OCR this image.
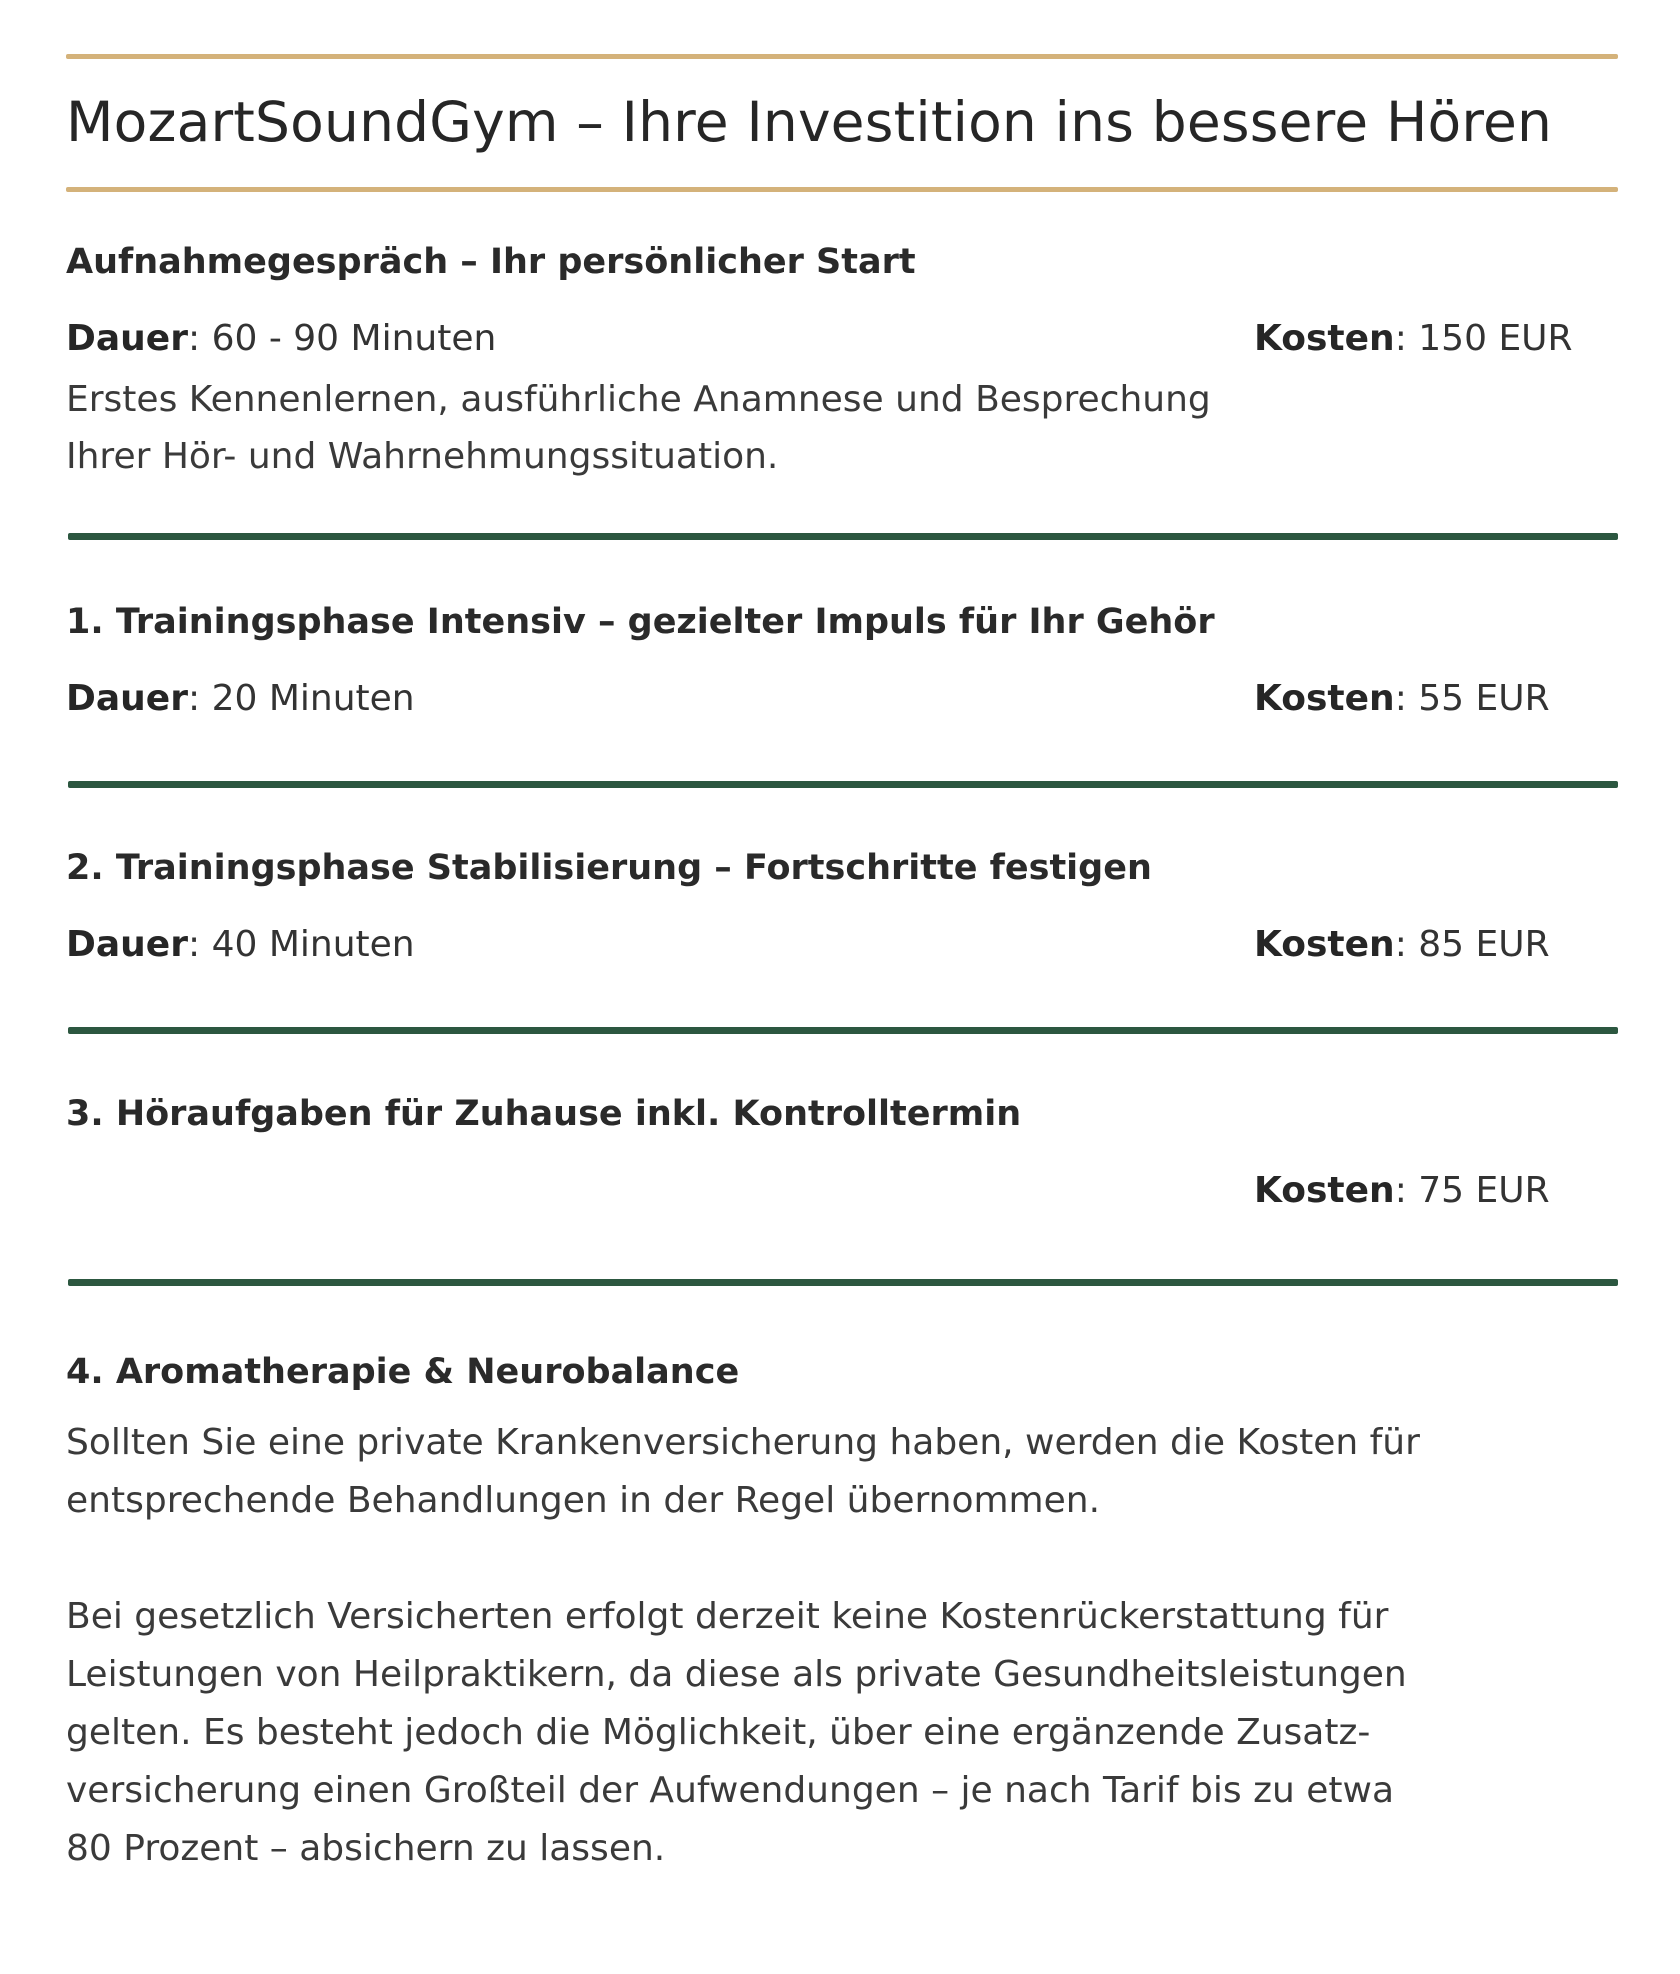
MozartSoundGym – Ihre Investition ins bessere Hören
Aufnahmegespräch – Ihr persönlicher Start
Dauer: 60 - 90 Minuten	Kosten: 150 EUR

Erstes Kennenlernen, ausführliche Anamnese und Besprechung
Ihrer Hör- und Wahrnehmungssituation.

1. Trainingsphase Intensiv – gezielter Impuls für Ihr Gehör
Dauer: 20 Minuten	Kosten: 55 EUR
2. Trainingsphase Stabilisierung – Fortschritte festigen
Dauer: 40 Minuten	Kosten: 85 EUR
3. Höraufgaben für Zuhause inkl. Kontrolltermin
Kosten: 75 EUR
4. Aromatherapie & Neurobalance

Sollten Sie eine private Krankenversicherung haben, werden die Kosten für
entsprechende Behandlungen in der Regel übernommen.

Bei gesetzlich Versicherten erfolgt derzeit keine Kostenrückerstattung für
Leistungen von Heilpraktikern, da diese als private Gesundheitsleistungen
gelten. Es besteht jedoch die Möglichkeit, über eine ergänzende Zusatz-
versicherung einen Großteil der Aufwendungen – je nach Tarif bis zu etwa
80 Prozent – absichern zu lassen.
